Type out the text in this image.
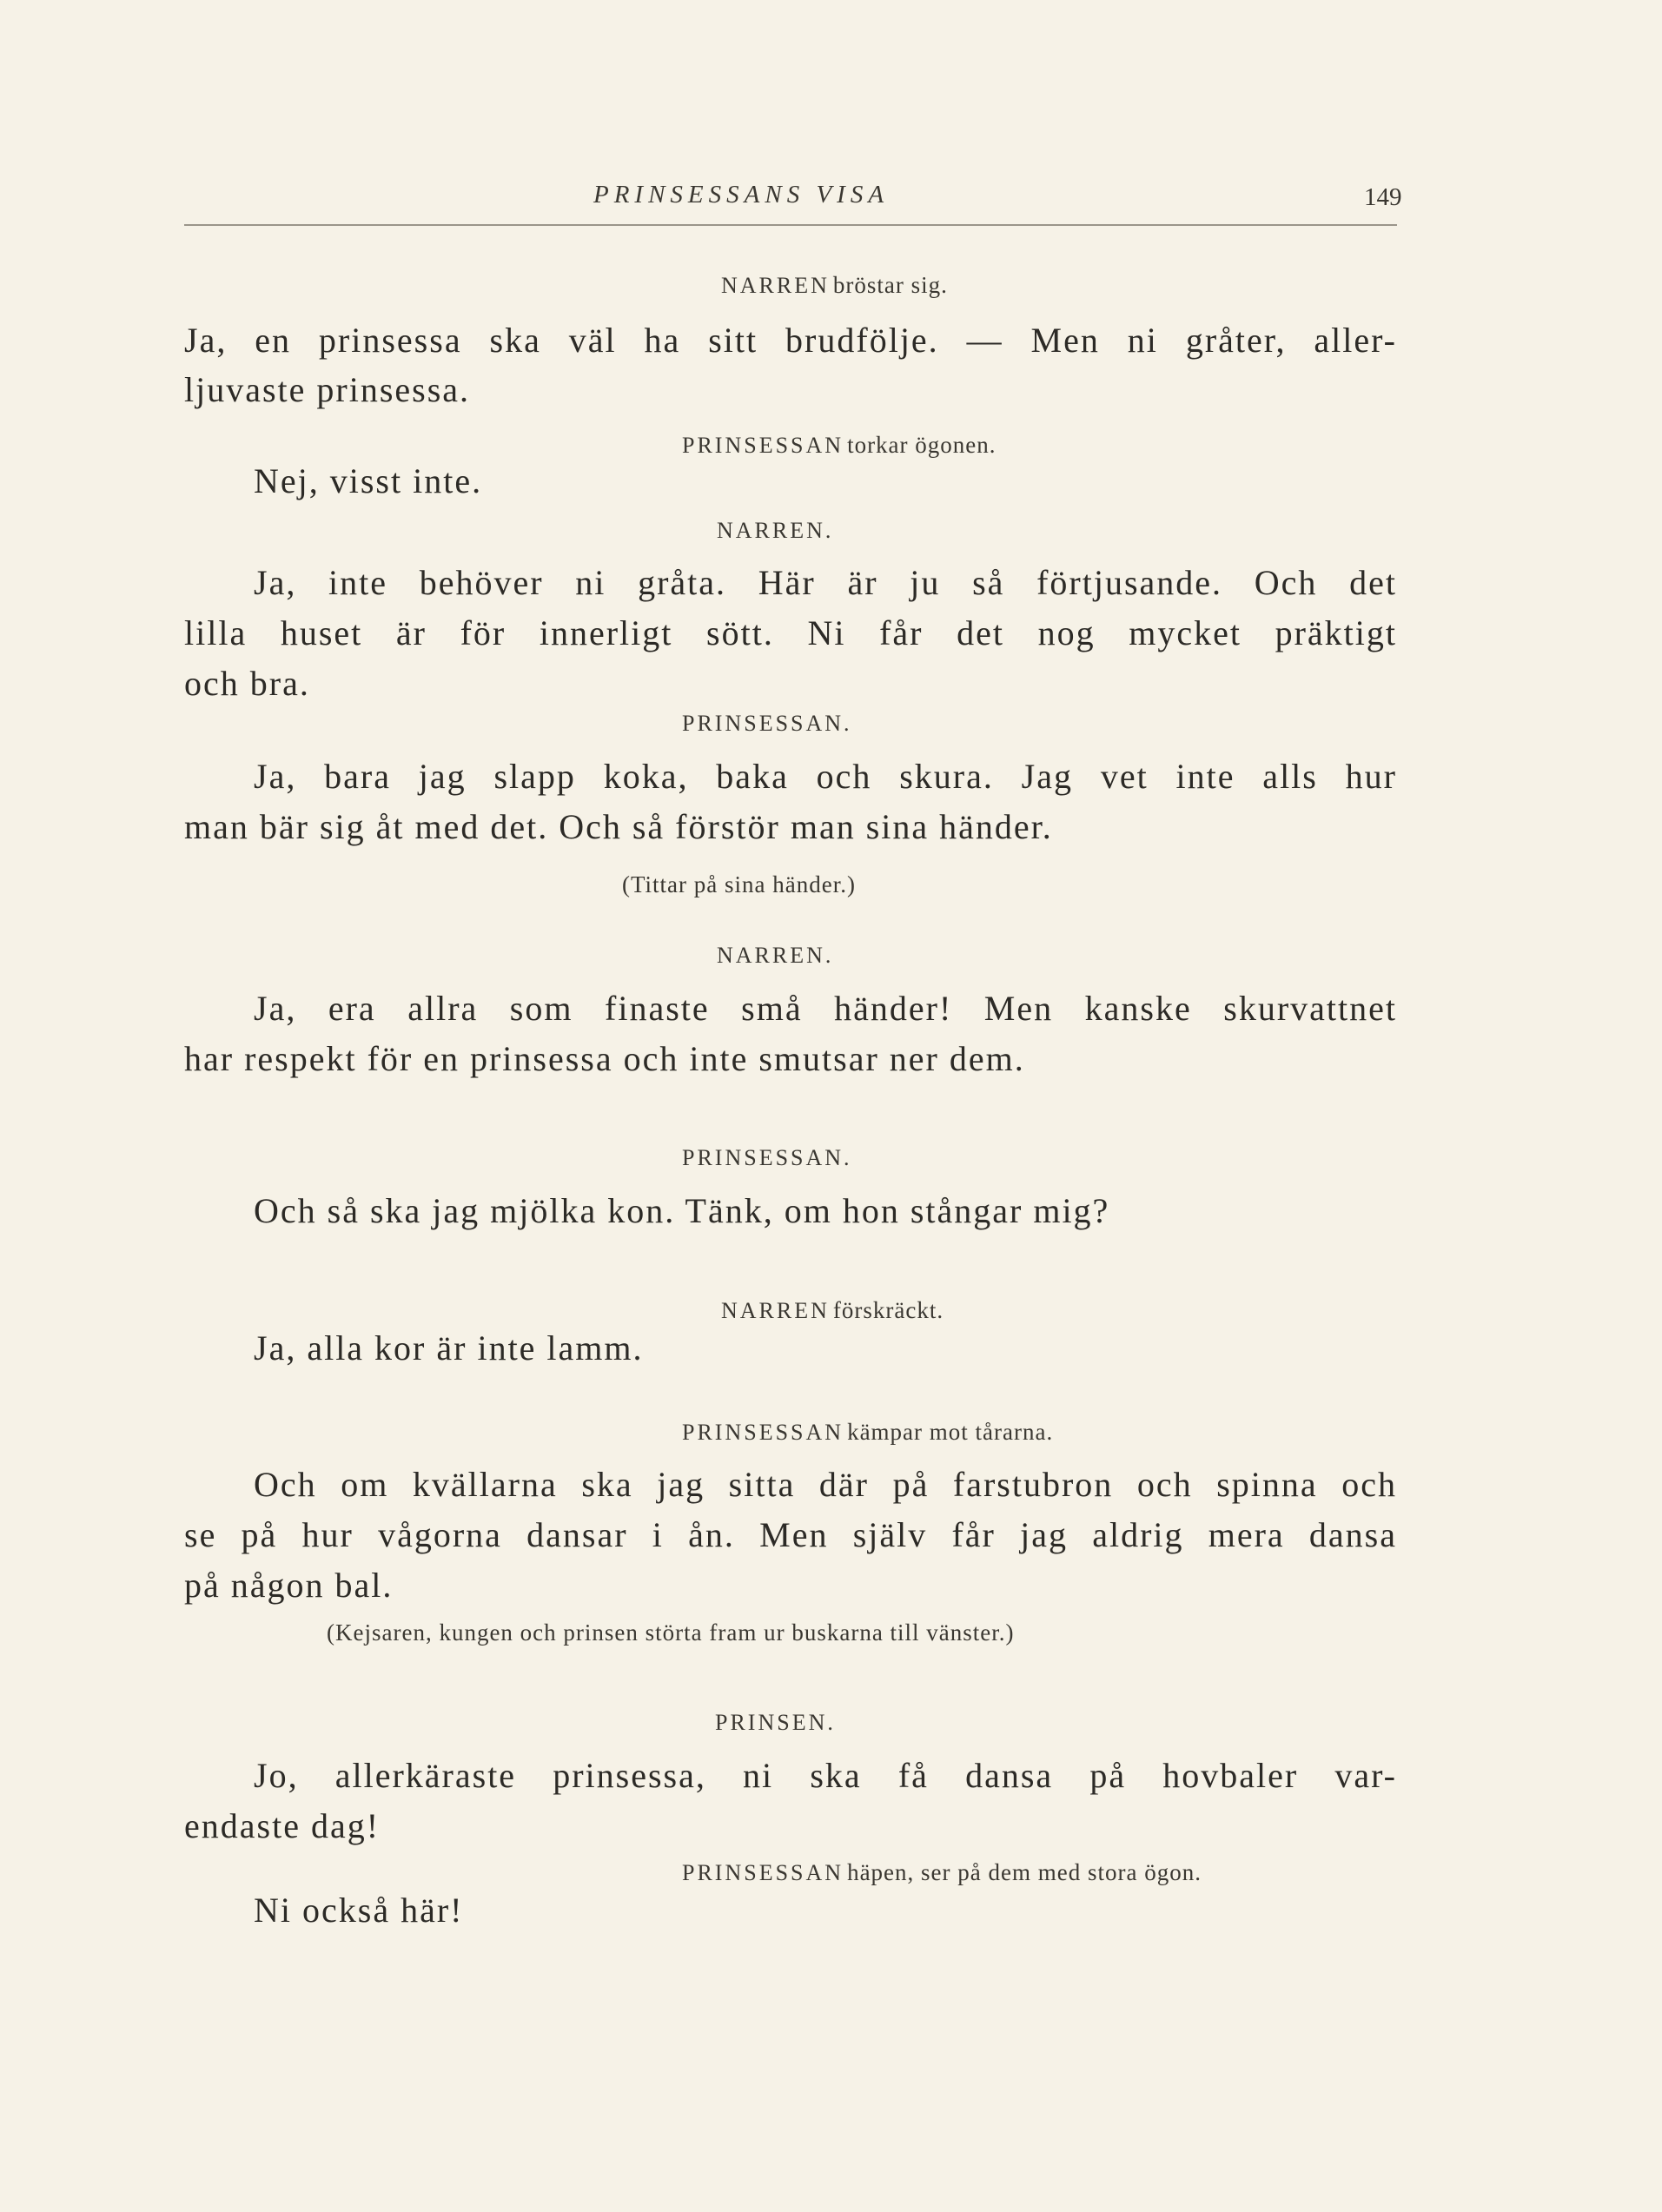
PRINSESSANS VISA	149
NARREN bröstar sig.
Ja, en prinsessa ska väl ha sitt brudfölje. — Men ni gråter, aller-
ljuvaste prinsessa.
PRINSESSAN torkar ögonen.
Nej, visst inte.
NARREN.
Ja, inte behöver ni gråta. Här är ju så förtjusande. Och det
lilla huset är för innerligt sött. Ni får det nog mycket präktigt
och bra.
PRINSESSAN.
Ja, bara jag slapp koka, baka och skura. Jag vet inte alls hur
man bär sig åt med det. Och så förstör man sina händer.
(Tittar på sina händer.)
NARREN.
Ja, era allra som finaste små händer! Men kanske skurvattnet
har respekt för en prinsessa och inte smutsar ner dem.
PRINSESSAN.
Och så ska jag mjölka kon. Tänk, om hon stångar mig?
NARREN förskräckt.
Ja, alla kor är inte lamm.
PRINSESSAN kämpar mot tårarna.
Och om kvällarna ska jag sitta där på farstubron och spinna och
se på hur vågorna dansar i ån. Men själv får jag aldrig mera dansa
på någon bal.
(Kejsaren, kungen och prinsen störta fram ur buskarna till vänster.)
PRINSEN.
Jo, allerkäraste prinsessa, ni ska få dansa på hovbaler var-
endaste dag!
PRINSESSAN häpen, ser på dem med stora ögon.
Ni också här!
